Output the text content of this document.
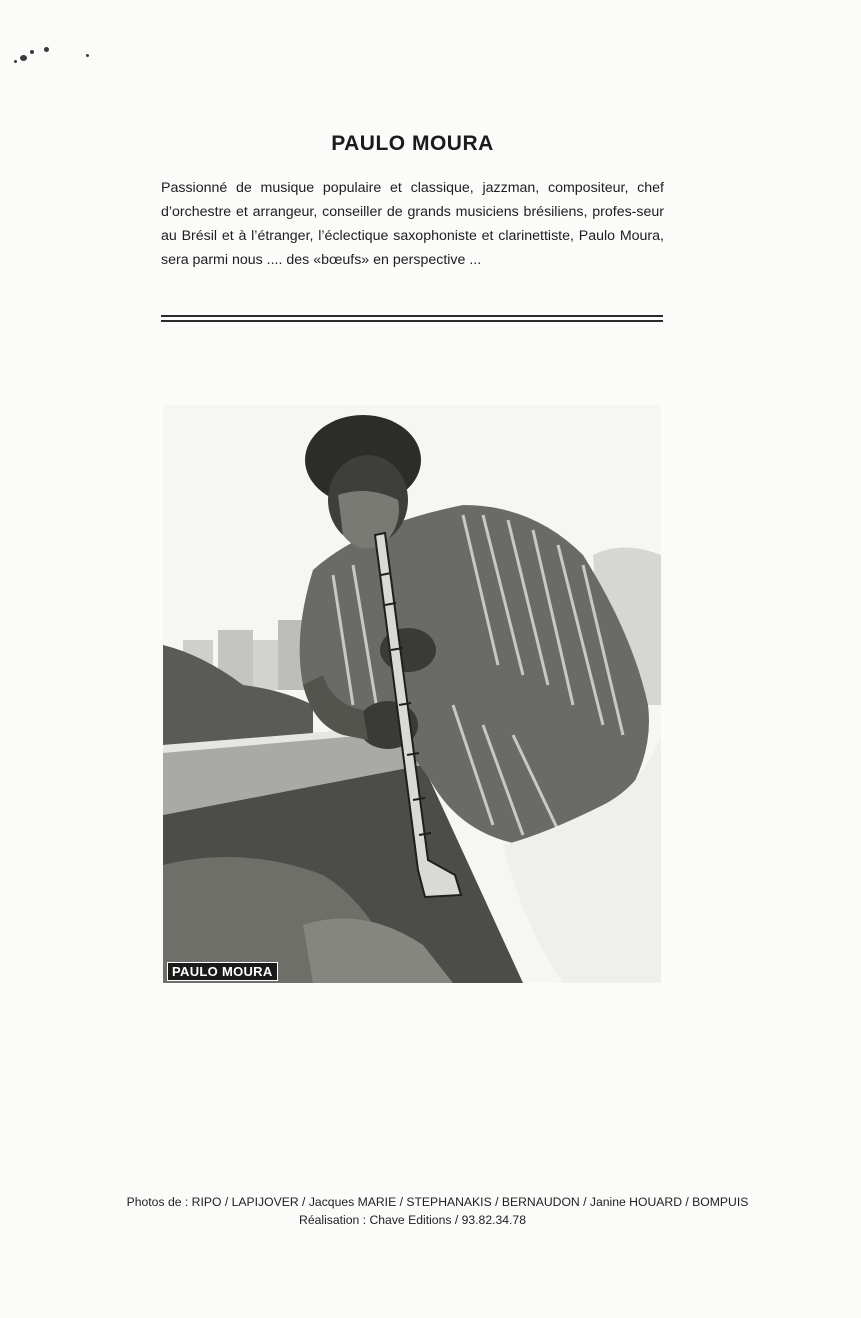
PAULO MOURA

Passionné de musique populaire et classique, jazzman, compositeur, chef d’orchestre et arrangeur, conseiller de grands musiciens brésiliens, profes-seur au Brésil et à l’étranger, l’éclectique saxophoniste et clarinettiste, Paulo Moura, sera parmi nous .... des «bœufs» en perspective ...

PAULO MOURA
Photos de : RIPO / LAPIJOVER / Jacques MARIE / STEPHANAKIS / BERNAUDON / Janine HOUARD / BOMPUIS
Réalisation : Chave Editions / 93.82.34.78
